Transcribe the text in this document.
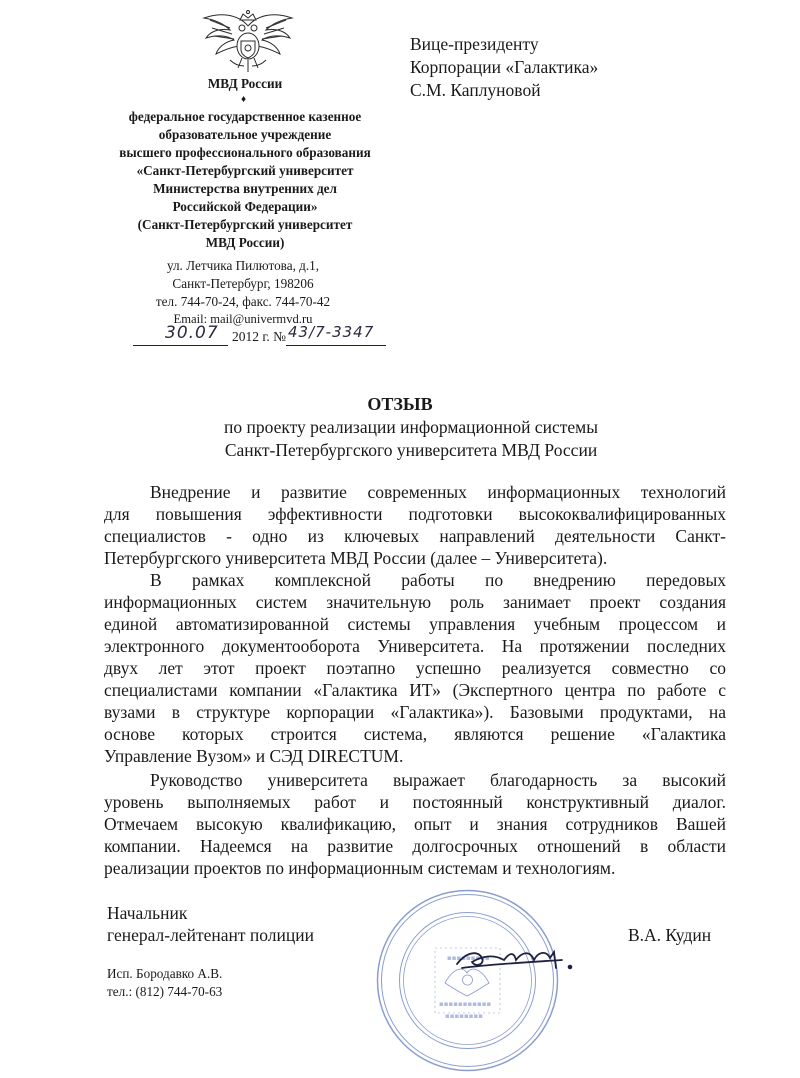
МВД России
♦
федеральное государственное казенное
образовательное учреждение
высшего профессионального образования
«Санкт-Петербургский университет
Министерства внутренних дел
Российской Федерации»
(Санкт-Петербургский университет
МВД России)
ул. Летчика Пилютова, д.1,
Санкт-Петербург, 198206
тел. 744-70-24, факс. 744-70-42
Email: mail@univermvd.ru
30.07 2012 г. № 43/7-3347
Вице-президенту
Корпорации «Галактика»
С.М. Каплуновой
ОТЗЫВ
по проекту реализации информационной системы
Санкт-Петербургского университета МВД России
Внедрение и развитие современных информационных технологий
для повышения эффективности подготовки высококвалифицированных
специалистов - одно из ключевых направлений деятельности Санкт-
Петербургского университета МВД России (далее – Университета).
В рамках комплексной работы по внедрению передовых
информационных систем значительную роль занимает проект создания
единой автоматизированной системы управления учебным процессом и
электронного документооборота Университета. На протяжении последних
двух лет этот проект поэтапно успешно реализуется совместно со
специалистами компании «Галактика ИТ» (Экспертного центра по работе с
вузами в структуре корпорации «Галактика»). Базовыми продуктами, на
основе которых строится система, являются решение «Галактика
Управление Вузом» и СЭД DIRECTUM.
Руководство университета выражает благодарность за высокий
уровень выполняемых работ и постоянный конструктивный диалог.
Отмечаем высокую квалификацию, опыт и знания сотрудников Вашей
компании. Надеемся на развитие долгосрочных отношений в области
реализации проектов по информационным системам и технологиям.
▪▪▪▪▪▪▪▪▪
▪▪▪▪▪▪▪▪▪▪▪
▪▪▪▪▪▪▪▪
Начальник
генерал-лейтенант полиции	В.А. Кудин
Исп. Бородавко А.В.
тел.: (812) 744-70-63
